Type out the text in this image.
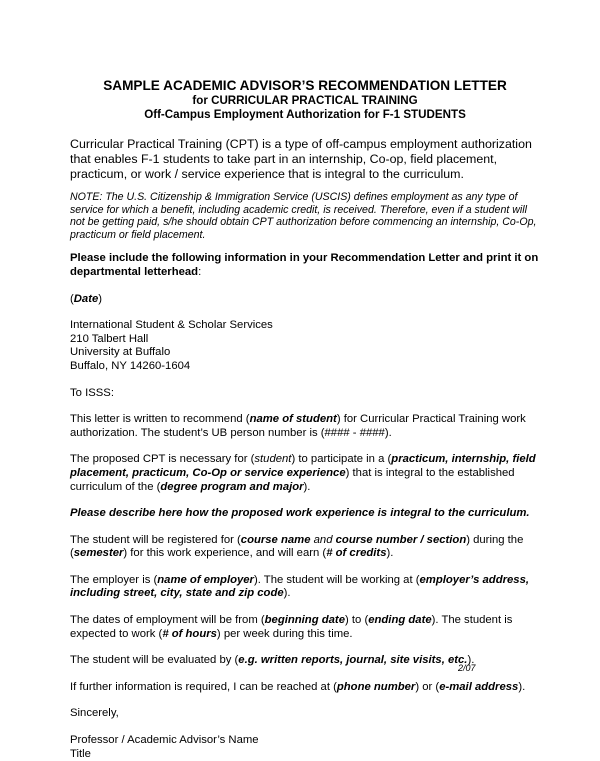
SAMPLE ACADEMIC ADVISOR’S RECOMMENDATION LETTER
for CURRICULAR PRACTICAL TRAINING
Off-Campus Employment Authorization for F-1 STUDENTS

Curricular Practical Training (CPT) is a type of off-campus employment authorization that enables F-1 students to take part in an internship, Co-op, field placement, practicum, or work / service experience that is integral to the curriculum.

NOTE: The U.S. Citizenship & Immigration Service (USCIS) defines employment as any type of service for which a benefit, including academic credit, is received. Therefore, even if a student will not be getting paid, s/he should obtain CPT authorization before commencing an internship, Co-Op, practicum or field placement.

Please include the following information in your Recommendation Letter and print it on departmental letterhead:

(Date)

International Student & Scholar Services
210 Talbert Hall
University at Buffalo
Buffalo, NY 14260-1604

To ISSS:

This letter is written to recommend (name of student) for Curricular Practical Training work authorization. The student’s UB person number is (#### - ####).

The proposed CPT is necessary for (student) to participate in a (practicum, internship, field placement, practicum, Co-Op or service experience) that is integral to the established curriculum of the (degree program and major).

Please describe here how the proposed work experience is integral to the curriculum.

The student will be registered for (course name and course number / section) during the (semester) for this work experience, and will earn (# of credits).

The employer is (name of employer). The student will be working at (employer’s address, including street, city, state and zip code).

The dates of employment will be from (beginning date) to (ending date). The student is expected to work (# of hours) per week during this time.

The student will be evaluated by (e.g. written reports, journal, site visits, etc.).

If further information is required, I can be reached at (phone number) or (e-mail address).

Sincerely,

Professor / Academic Advisor’s Name
Title
2/07
